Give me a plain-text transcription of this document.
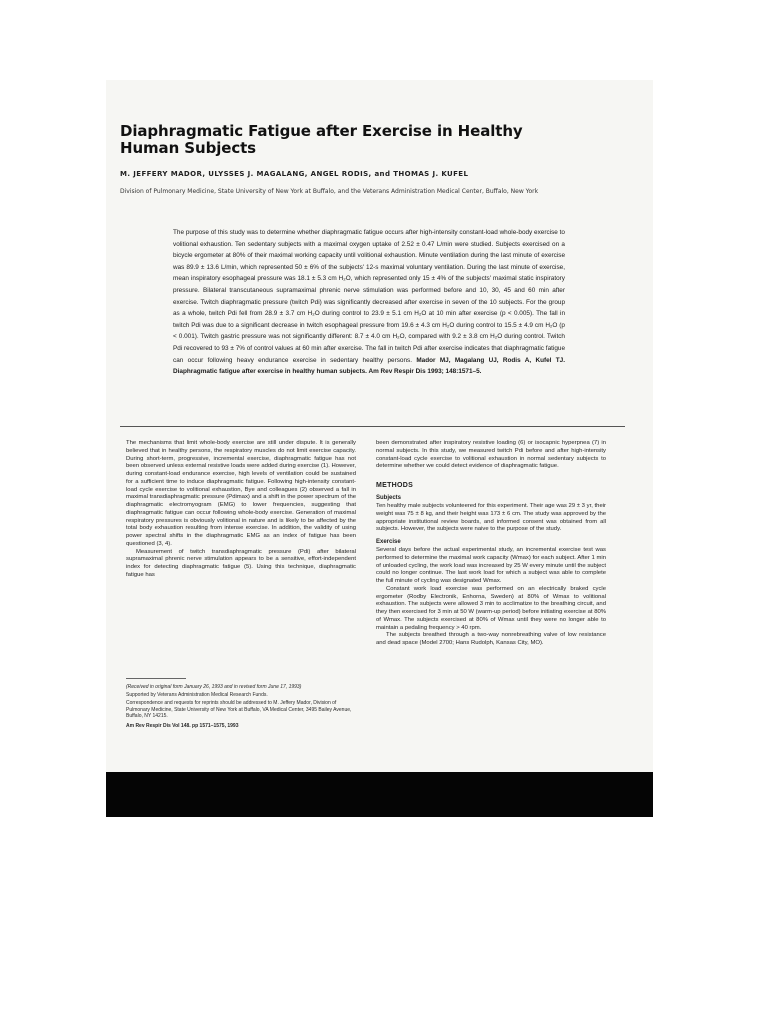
Diaphragmatic Fatigue after Exercise in Healthy Human Subjects

M. JEFFERY MADOR, ULYSSES J. MAGALANG, ANGEL RODIS, and THOMAS J. KUFEL

Division of Pulmonary Medicine, State University of New York at Buffalo, and the Veterans Administration Medical Center, Buffalo, New York

The purpose of this study was to determine whether diaphragmatic fatigue occurs after high-intensity constant-load whole-body exercise to volitional exhaustion. Ten sedentary subjects with a maximal oxygen uptake of 2.52 ± 0.47 L/min were studied. Subjects exercised on a bicycle ergometer at 80% of their maximal working capacity until volitional exhaustion. Minute ventilation during the last minute of exercise was 89.9 ± 13.6 L/min, which represented 50 ± 6% of the subjects' 12-s maximal voluntary ventilation. During the last minute of exercise, mean inspiratory esophageal pressure was 18.1 ± 5.3 cm H₂O, which represented only 15 ± 4% of the subjects' maximal static inspiratory pressure. Bilateral transcutaneous supramaximal phrenic nerve stimulation was performed before and 10, 30, 45 and 60 min after exercise. Twitch diaphragmatic pressure (twitch Pdi) was significantly decreased after exercise in seven of the 10 subjects. For the group as a whole, twitch Pdi fell from 28.9 ± 3.7 cm H₂O during control to 23.9 ± 5.1 cm H₂O at 10 min after exercise (p < 0.005). The fall in twitch Pdi was due to a significant decrease in twitch esophageal pressure from 19.6 ± 4.3 cm H₂O during control to 15.5 ± 4.9 cm H₂O (p < 0.001). Twitch gastric pressure was not significantly different: 8.7 ± 4.0 cm H₂O, compared with 9.2 ± 3.8 cm H₂O during control. Twitch Pdi recovered to 93 ± 7% of control values at 60 min after exercise. The fall in twitch Pdi after exercise indicates that diaphragmatic fatigue can occur following heavy endurance exercise in sedentary healthy persons. Mador MJ, Magalang UJ, Rodis A, Kufel TJ. Diaphragmatic fatigue after exercise in healthy human subjects. Am Rev Respir Dis 1993; 148:1571–5.

The mechanisms that limit whole-body exercise are still under dispute. It is generally believed that in healthy persons, the respiratory muscles do not limit exercise capacity. During short-term, progressive, incremental exercise, diaphragmatic fatigue has not been observed unless external resistive loads were added during exercise (1). However, during constant-load endurance exercise, high levels of ventilation could be sustained for a sufficient time to induce diaphragmatic fatigue. Following high-intensity constant-load cycle exercise to volitional exhaustion, Bye and colleagues (2) observed a fall in maximal transdiaphragmatic pressure (Pdimax) and a shift in the power spectrum of the diaphragmatic electromyogram (EMG) to lower frequencies, suggesting that diaphragmatic fatigue can occur following whole-body exercise. Generation of maximal respiratory pressures is obviously volitional in nature and is likely to be affected by the total body exhaustion resulting from intense exercise. In addition, the validity of using power spectral shifts in the diaphragmatic EMG as an index of fatigue has been questioned (3, 4).

Measurement of twitch transdiaphragmatic pressure (Pdi) after bilateral supramaximal phrenic nerve stimulation appears to be a sensitive, effort-independent index for detecting diaphragmatic fatigue (5). Using this technique, diaphragmatic fatigue has

(Received in original form January 26, 1993 and in revised form June 17, 1993)

Supported by Veterans Administration Medical Research Funds.

Correspondence and requests for reprints should be addressed to M. Jeffery Mador, Division of Pulmonary Medicine, State University of New York at Buffalo, VA Medical Center, 3495 Bailey Avenue, Buffalo, NY 14215.

Am Rev Respir Dis Vol 148. pp 1571–1575, 1993

been demonstrated after inspiratory resistive loading (6) or isocapnic hyperpnea (7) in normal subjects. In this study, we measured twitch Pdi before and after high-intensity constant-load cycle exercise to volitional exhaustion in normal sedentary subjects to determine whether we could detect evidence of diaphragmatic fatigue.

METHODS
Subjects

Ten healthy male subjects volunteered for this experiment. Their age was 29 ± 3 yr, their weight was 75 ± 8 kg, and their height was 173 ± 6 cm. The study was approved by the appropriate institutional review boards, and informed consent was obtained from all subjects. However, the subjects were naive to the purpose of the study.

Exercise

Several days before the actual experimental study, an incremental exercise test was performed to determine the maximal work capacity (Wmax) for each subject. After 1 min of unloaded cycling, the work load was increased by 25 W every minute until the subject could no longer continue. The last work load for which a subject was able to complete the full minute of cycling was designated Wmax.

Constant work load exercise was performed on an electrically braked cycle ergometer (Rodby Electronik, Enhorna, Sweden) at 80% of Wmax to volitional exhaustion. The subjects were allowed 3 min to acclimatize to the breathing circuit, and they then exercised for 3 min at 50 W (warm-up period) before initiating exercise at 80% of Wmax. The subjects exercised at 80% of Wmax until they were no longer able to maintain a pedaling frequency > 40 rpm.

The subjects breathed through a two-way nonrebreathing valve of low resistance and dead space (Model 2700; Hans Rudolph, Kansas City, MO).
